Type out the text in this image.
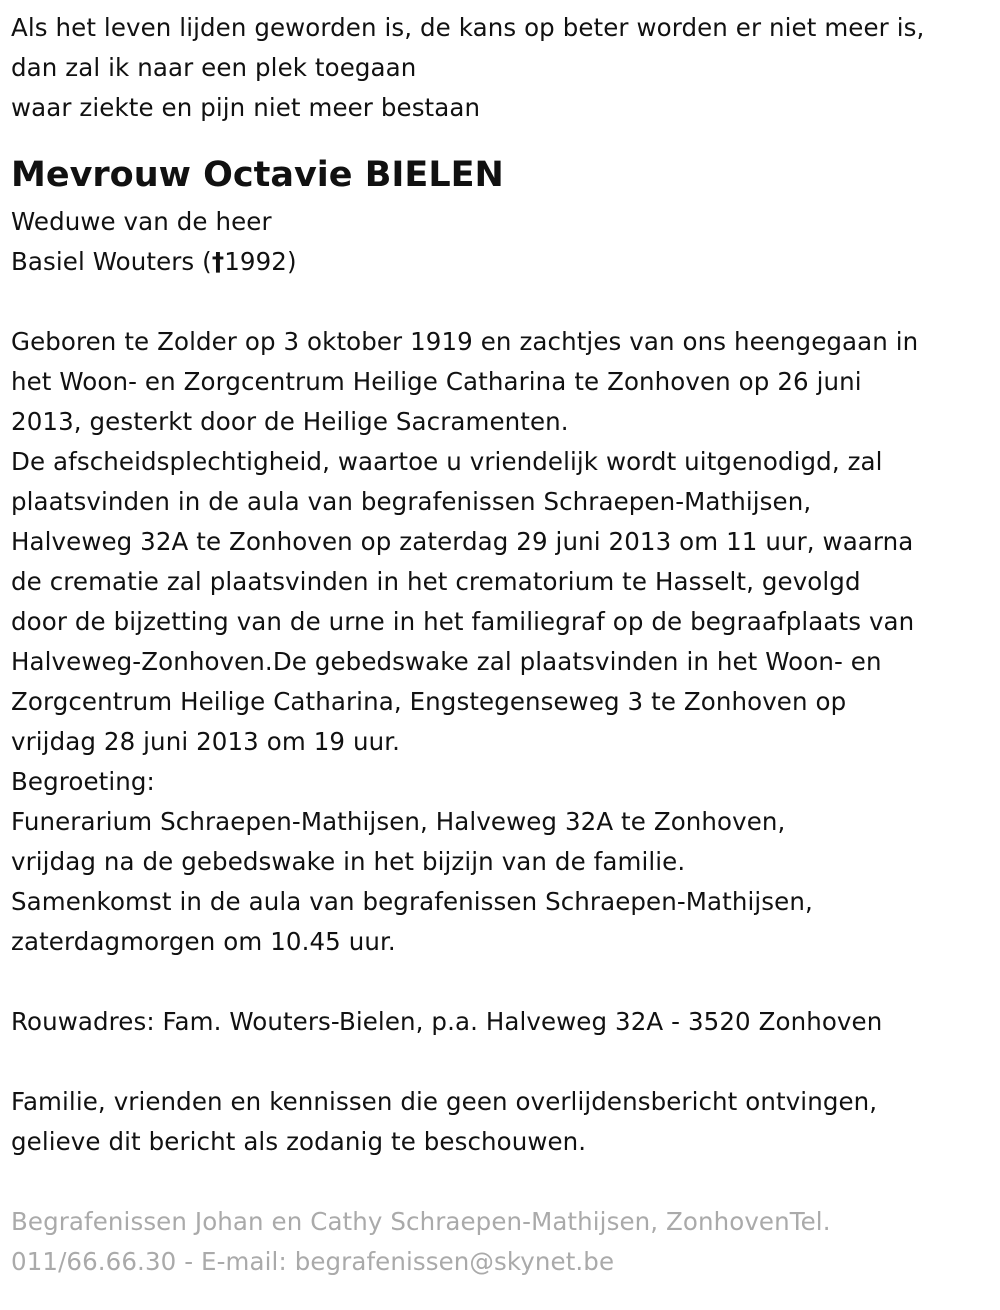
Als het leven lijden geworden is, de kans op beter worden er niet meer is,
dan zal ik naar een plek toegaan
waar ziekte en pijn niet meer bestaan
Mevrouw Octavie BIELEN
Weduwe van de heer
Basiel Wouters (†1992)
Geboren te Zolder op 3 oktober 1919 en zachtjes van ons heengegaan in
het Woon- en Zorgcentrum Heilige Catharina te Zonhoven op 26 juni
2013, gesterkt door de Heilige Sacramenten.
De afscheidsplechtigheid, waartoe u vriendelijk wordt uitgenodigd, zal
plaatsvinden in de aula van begrafenissen Schraepen-Mathijsen,
Halveweg 32A te Zonhoven op zaterdag 29 juni 2013 om 11 uur, waarna
de crematie zal plaatsvinden in het crematorium te Hasselt, gevolgd
door de bijzetting van de urne in het familiegraf op de begraafplaats van
Halveweg-Zonhoven.De gebedswake zal plaatsvinden in het Woon- en
Zorgcentrum Heilige Catharina, Engstegenseweg 3 te Zonhoven op
vrijdag 28 juni 2013 om 19 uur.
Begroeting:
Funerarium Schraepen-Mathijsen, Halveweg 32A te Zonhoven,
vrijdag na de gebedswake in het bijzijn van de familie.
Samenkomst in de aula van begrafenissen Schraepen-Mathijsen,
zaterdagmorgen om 10.45 uur.
Rouwadres: Fam. Wouters-Bielen, p.a. Halveweg 32A - 3520 Zonhoven
Familie, vrienden en kennissen die geen overlijdensbericht ontvingen,
gelieve dit bericht als zodanig te beschouwen.
Begrafenissen Johan en Cathy Schraepen-Mathijsen, ZonhovenTel.
011/66.66.30 - E-mail: begrafenissen@skynet.be
